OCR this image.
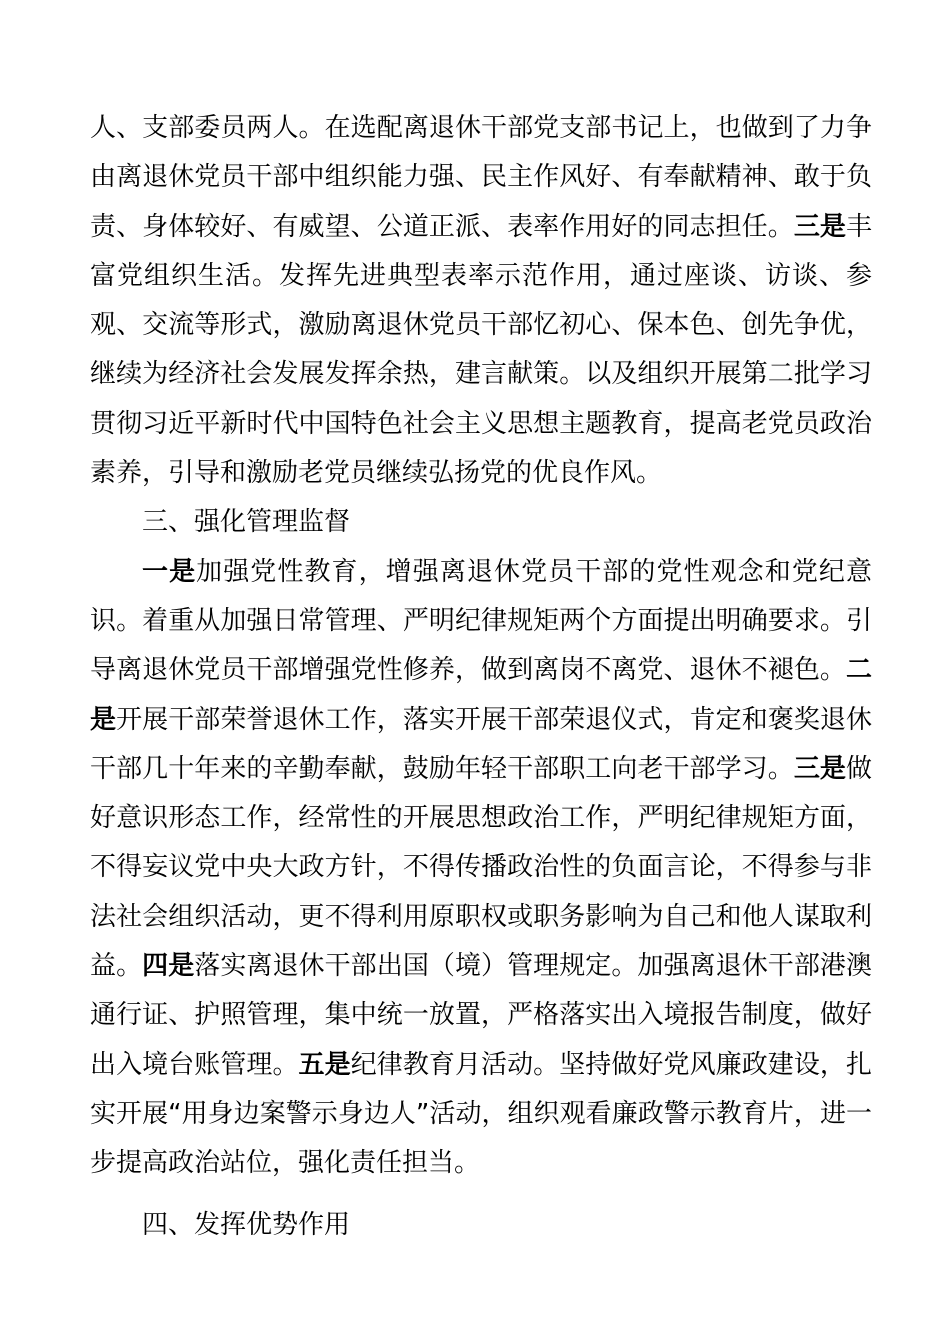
人、支部委员两人。在选配离退休干部党支部书记上，也做到了力争由离退休党员干部中组织能力强、民主作风好、有奉献精神、敢于负责、身体较好、有威望、公道正派、表率作用好的同志担任。三是丰富党组织生活。发挥先进典型表率示范作用，通过座谈、访谈、参观、交流等形式，激励离退休党员干部忆初心、保本色、创先争优，继续为经济社会发展发挥余热，建言献策。以及组织开展第二批学习贯彻习近平新时代中国特色社会主义思想主题教育，提高老党员政治素养，引导和激励老党员继续弘扬党的优良作风。

三、强化管理监督

一是加强党性教育，增强离退休党员干部的党性观念和党纪意识。着重从加强日常管理、严明纪律规矩两个方面提出明确要求。引导离退休党员干部增强党性修养，做到离岗不离党、退休不褪色。二是开展干部荣誉退休工作，落实开展干部荣退仪式，肯定和褒奖退休干部几十年来的辛勤奉献，鼓励年轻干部职工向老干部学习。三是做好意识形态工作，经常性的开展思想政治工作，严明纪律规矩方面，不得妄议党中央大政方针，不得传播政治性的负面言论，不得参与非法社会组织活动，更不得利用原职权或职务影响为自己和他人谋取利益。四是落实离退休干部出国（境）管理规定。加强离退休干部港澳通行证、护照管理，集中统一放置，严格落实出入境报告制度，做好出入境台账管理。五是纪律教育月活动。坚持做好党风廉政建设，扎实开展“用身边案警示身边人”活动，组织观看廉政警示教育片，进一步提高政治站位，强化责任担当。

四、发挥优势作用
